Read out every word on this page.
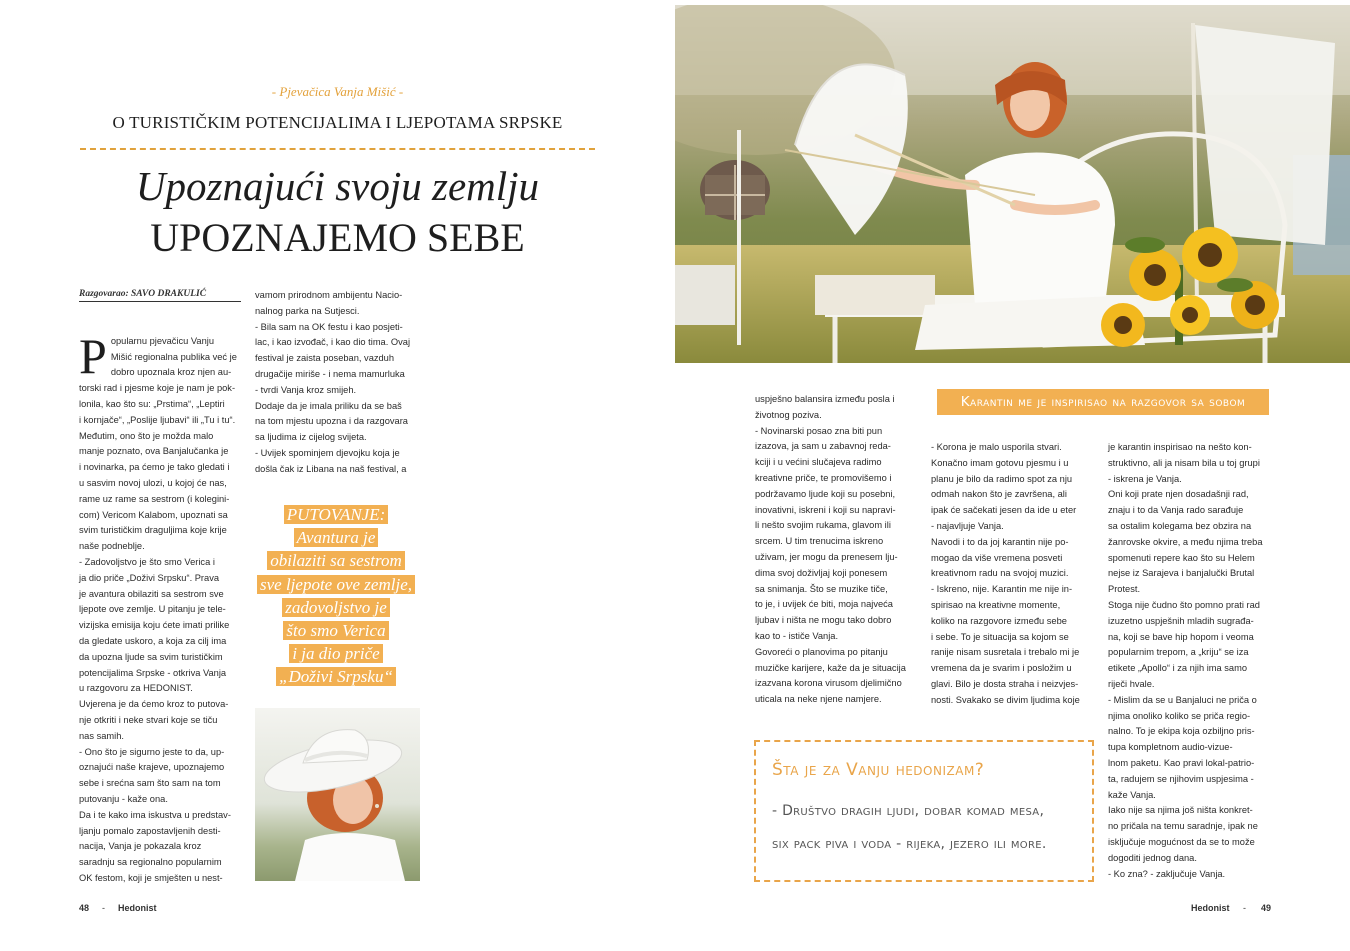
- Pjevačica Vanja Mišić -
O TURISTIČKIM POTENCIJALIMA I LJEPOTAMA SRPSKE
Upoznajući svoju zemlju
UPOZNAJEMO SEBE
Razgovarao: SAVO DRAKULIĆ

Popularnu pjevačicu Vanju
Mišić regionalna publika već je
dobro upoznala kroz njen au-
torski rad i pjesme koje je nam je pok-
lonila, kao što su: „Prstima“, „Leptiri
i kornjače“, „Poslije ljubavi“ ili „Tu i tu“.
Međutim, ono što je možda malo
manje poznato, ova Banjalučanka je
i novinarka, pa ćemo je tako gledati i
u sasvim novoj ulozi, u kojoj će nas,
rame uz rame sa sestrom (i kolegini-
com) Vericom Kalabom, upoznati sa
svim turističkim draguljima koje krije
naše podneblje.
- Zadovoljstvo je što smo Verica i
ja dio priče „Doživi Srpsku“. Prava
je avantura obilaziti sa sestrom sve
ljepote ove zemlje. U pitanju je tele-
vizijska emisija koju ćete imati prilike
da gledate uskoro, a koja za cilj ima
da upozna ljude sa svim turističkim
potencijalima Srpske - otkriva Vanja
u razgovoru za HEDONIST.
Uvjerena je da ćemo kroz to putova-
nje otkriti i neke stvari koje se tiču
nas samih.
- Ono što je sigurno jeste to da, up-
oznajući naše krajeve, upoznajemo
sebe i srećna sam što sam na tom
putovanju - kaže ona.
Da i te kako ima iskustva u predstav-
ljanju pomalo zapostavljenih desti-
nacija, Vanja je pokazala kroz
saradnju sa regionalno popularnim
OK festom, koji je smješten u nest-

vamom prirodnom ambijentu Nacio-
nalnog parka na Sutjesci.
- Bila sam na OK festu i kao posjeti-
lac, i kao izvođač, i kao dio tima. Ovaj
festival je zaista poseban, vazduh
drugačije miriše - i nema mamurluka
- tvrdi Vanja kroz smijeh.
Dodaje da je imala priliku da se baš
na tom mjestu upozna i da razgovara
sa ljudima iz cijelog svijeta.
- Uvijek spominjem djevojku koja je
došla čak iz Libana na naš festival, a
PUTOVANJE:
Avantura je
obilaziti sa sestrom
sve ljepote ove zemlje,
zadovoljstvo je
što smo Verica
i ja dio priče
„Doživi Srpsku“
48 - Hedonist
uspješno balansira između posla i
životnog poziva.
- Novinarski posao zna biti pun
izazova, ja sam u zabavnoj reda-
kciji i u većini slučajeva radimo
kreativne priče, te promovišemo i
podržavamo ljude koji su posebni,
inovativni, iskreni i koji su napravi-
li nešto svojim rukama, glavom ili
srcem. U tim trenucima iskreno
uživam, jer mogu da prenesem lju-
dima svoj doživljaj koji ponesem
sa snimanja. Što se muzike tiče,
to je, i uvijek će biti, moja najveća
ljubav i ništa ne mogu tako dobro
kao to - ističe Vanja.
Govoreći o planovima po pitanju
muzičke karijere, kaže da je situacija
izazvana korona virusom djelimično
uticala na neke njene namjere.
Karantin me je inspirisao na razgovor sa sobom
- Korona je malo usporila stvari.
Konačno imam gotovu pjesmu i u
planu je bilo da radimo spot za nju
odmah nakon što je završena, ali
ipak će sačekati jesen da ide u eter
- najavljuje Vanja.
Navodi i to da joj karantin nije po-
mogao da više vremena posveti
kreativnom radu na svojoj muzici.
- Iskreno, nije. Karantin me nije in-
spirisao na kreativne momente,
koliko na razgovore između sebe
i sebe. To je situacija sa kojom se
ranije nisam susretala i trebalo mi je
vremena da je svarim i posložim u
glavi. Bilo je dosta straha i neizvjes-
nosti. Svakako se divim ljudima koje
je karantin inspirisao na nešto kon-
struktivno, ali ja nisam bila u toj grupi
- iskrena je Vanja.
Oni koji prate njen dosadašnji rad,
znaju i to da Vanja rado sarađuje
sa ostalim kolegama bez obzira na
žanrovske okvire, a među njima treba
spomenuti repere kao što su Helem
nejse iz Sarajeva i banjalučki Brutal
Protest.
Stoga nije čudno što pomno prati rad
izuzetno uspješnih mladih sugrađa-
na, koji se bave hip hopom i veoma
popularnim trepom, a „kriju“ se iza
etikete „Apollo“ i za njih ima samo
riječi hvale.
- Mislim da se u Banjaluci ne priča o
njima onoliko koliko se priča regio-
nalno. To je ekipa koja ozbiljno pris-
tupa kompletnom audio-vizue-
lnom paketu. Kao pravi lokal-patrio-
ta, radujem se njihovim uspjesima -
kaže Vanja.
Iako nije sa njima još ništa konkret-
no pričala na temu saradnje, ipak ne
isključuje mogućnost da se to može
dogoditi jednog dana.
- Ko zna? - zaključuje Vanja.
Šta je za Vanju hedonizam?
- Društvo dragih ljudi, dobar komad mesa,
six pack piva i voda - rijeka, jezero ili more.
Hedonist - 49
